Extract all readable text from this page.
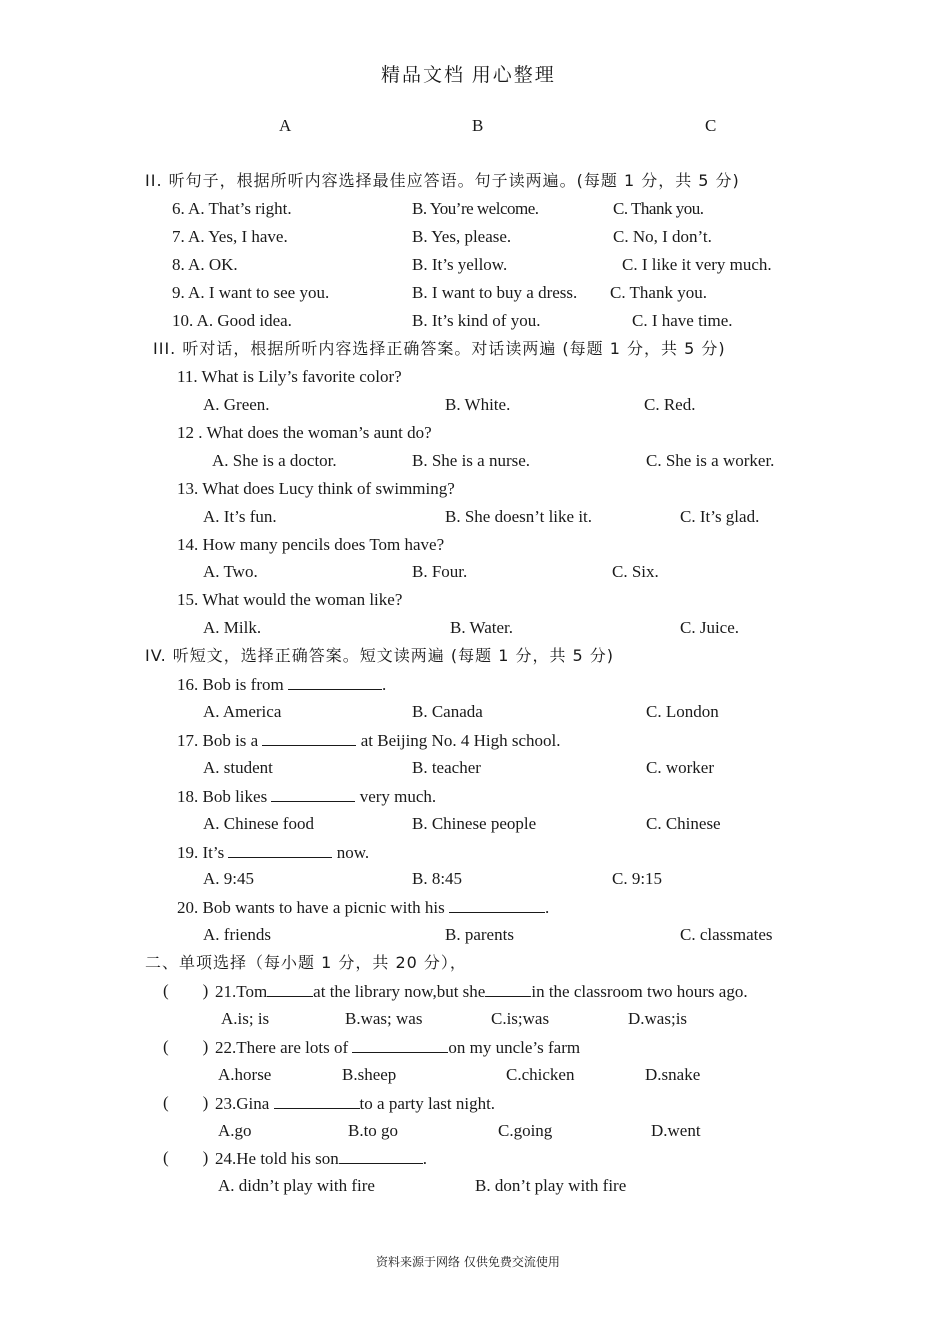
精品文档 用心整理
A	B	C
II. 听句子，根据所听内容选择最佳应答语。句子读两遍。(每题 1 分，共 5 分)
6. A. That’s right.	B. You’re welcome.	C. Thank you.
7. A. Yes, I have.	B. Yes, please.	C. No, I don’t.
8. A. OK.	B. It’s yellow.	C. I like it very much.
9. A. I want to see you.	B. I want to buy a dress. C. Thank you.
10. A. Good idea.	B. It’s kind of you.	C. I have time.
III. 听对话，根据所听内容选择正确答案。对话读两遍 (每题 1 分，共 5 分)
11. What is Lily’s favorite color?
A. Green.	B. White.	C. Red.
12 . What does the woman’s aunt do?
A. She is a doctor.	B. She is a nurse.	C. She is a worker.
13. What does Lucy think of swimming?
A. It’s fun.	B. She doesn’t like it.	C. It’s glad.
14. How many pencils does Tom have?
A. Two.	B. Four.	C. Six.
15. What would the woman like?
A. Milk.	B. Water.	C. Juice.
IV. 听短文，选择正确答案。短文读两遍 (每题 1 分，共 5 分)
16. Bob is from	.
A. America	B. Canada	C. London
17. Bob is a	at Beijing No. 4 High school.
A. student	B. teacher	C. worker
18. Bob likes	very much.
A. Chinese food	B. Chinese people	C. Chinese
19. It’s	now.
A. 9:45	B. 8:45	C. 9:15
20. Bob wants to have a picnic with his	.
A. friends	B. parents	C. classmates
二、单项选择（每小题 1 分，共 20 分），
(        ) 21.Tom	at the library now,but she	in the classroom two hours ago.
A.is; is	B.was; was	C.is;was	D.was;is
(        ) 22.There are lots of	on my uncle’s farm
A.horse	B.sheep	C.chicken	D.snake
(        ) 23.Gina	to a party last night.
A.go	B.to go	C.going	D.went
(        ) 24.He told his son	.
A. didn’t play with fire	B. don’t play with fire
资料来源于网络 仅供免费交流使用
